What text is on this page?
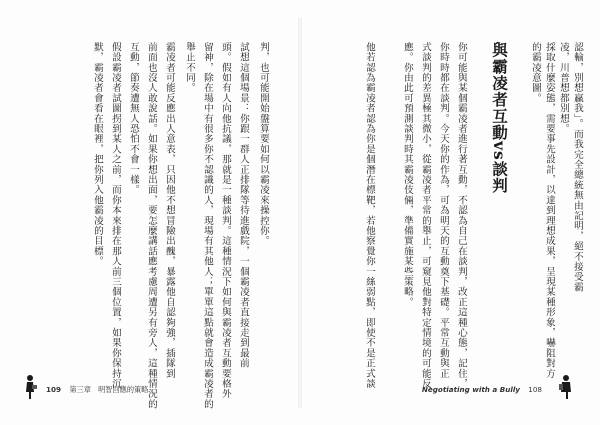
認輸，別想贏我」。而我完全總統無由記明，絕不接受霸
凌，川普想都別想。
採取什麼姿態，需要事先設計，以達到理想成果，呈現某種形象，嚇阻對方
的霸凌意圖。
與霸凌者互動vs談判
你可能與某個霸凌者進行著互動，不認為自己在談判，改正這種心態，記住，
你時時都在談判。今天你的作為，可為明天的互動奠下基礎。平常互動與正
式談判的差異極其微小，從霸凌者平常的舉止，可窺見他對特定情境的可能反
應。你由此可預測談判時其霸凌伎倆，準備實施某些策略。
他若認為霸凌者認為你是個潛在標靶，若他察覺你一絲弱點，即使不是正式談
判，也可能開始盤算要如何以霸凌來操控你。
試想這個場景：你跟一群人正排隊等待進戲院，一個霸凌者直接走到最前
頭。假如有人向他抗議，那就是一種談判。這種情況下如何與霸凌者互動要格外
留神，除在場中有很多你不認識的人，現場有其他人；單單這點就會造成霸凌者的
舉止不同。
霸凌者可能反應出人意表，只因他不想冒險出醜，暴露他自認夠強，插隊到
前面也沒人敢說話。如果你想出面，要怎麼講話應考慮周遭另有旁人，這種情況的
互動，節奏遭無人恐怕不會一樣。
假設霸凌者試圖拐到某人之前，而你本來排在那人前三個位置，如果你保持沉
默，霸凌者會看在眼裡，把你列入他霸凌的目標。
109 第三章　明智回應的策略	Negotiating with a Bully 108
